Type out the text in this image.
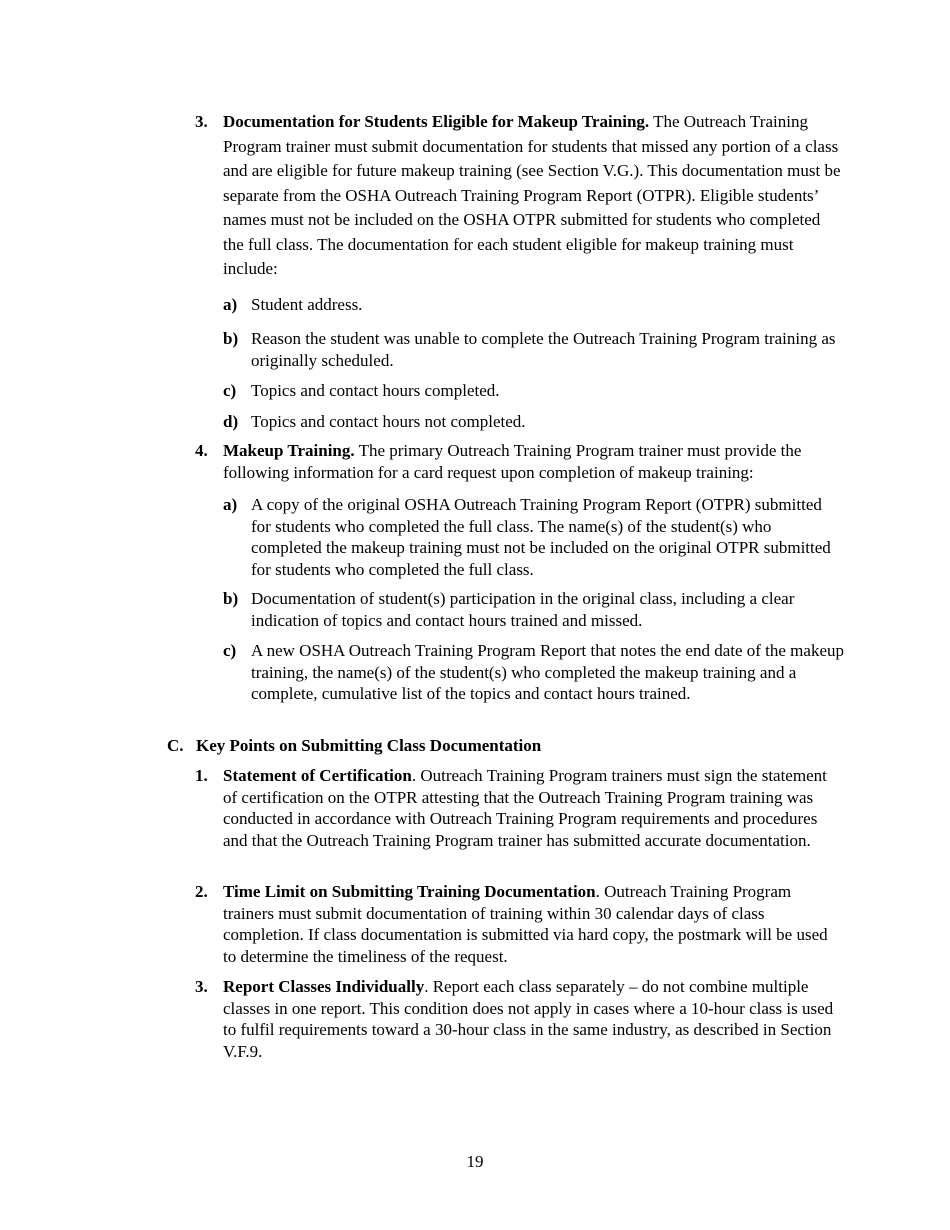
3. Documentation for Students Eligible for Makeup Training. The Outreach Training Program trainer must submit documentation for students that missed any portion of a class and are eligible for future makeup training (see Section V.G.). This documentation must be separate from the OSHA Outreach Training Program Report (OTPR). Eligible students’ names must not be included on the OSHA OTPR submitted for students who completed the full class. The documentation for each student eligible for makeup training must include:
a) Student address.
b) Reason the student was unable to complete the Outreach Training Program training as originally scheduled.
c) Topics and contact hours completed.
d) Topics and contact hours not completed.
4. Makeup Training. The primary Outreach Training Program trainer must provide the following information for a card request upon completion of makeup training:
a) A copy of the original OSHA Outreach Training Program Report (OTPR) submitted for students who completed the full class. The name(s) of the student(s) who completed the makeup training must not be included on the original OTPR submitted for students who completed the full class.
b) Documentation of student(s) participation in the original class, including a clear indication of topics and contact hours trained and missed.
c) A new OSHA Outreach Training Program Report that notes the end date of the makeup training, the name(s) of the student(s) who completed the makeup training and a complete, cumulative list of the topics and contact hours trained.
C. Key Points on Submitting Class Documentation
1. Statement of Certification. Outreach Training Program trainers must sign the statement of certification on the OTPR attesting that the Outreach Training Program training was conducted in accordance with Outreach Training Program requirements and procedures and that the Outreach Training Program trainer has submitted accurate documentation.
2. Time Limit on Submitting Training Documentation. Outreach Training Program trainers must submit documentation of training within 30 calendar days of class completion. If class documentation is submitted via hard copy, the postmark will be used to determine the timeliness of the request.
3. Report Classes Individually. Report each class separately – do not combine multiple classes in one report. This condition does not apply in cases where a 10-hour class is used to fulfil requirements toward a 30-hour class in the same industry, as described in Section V.F.9.
19
